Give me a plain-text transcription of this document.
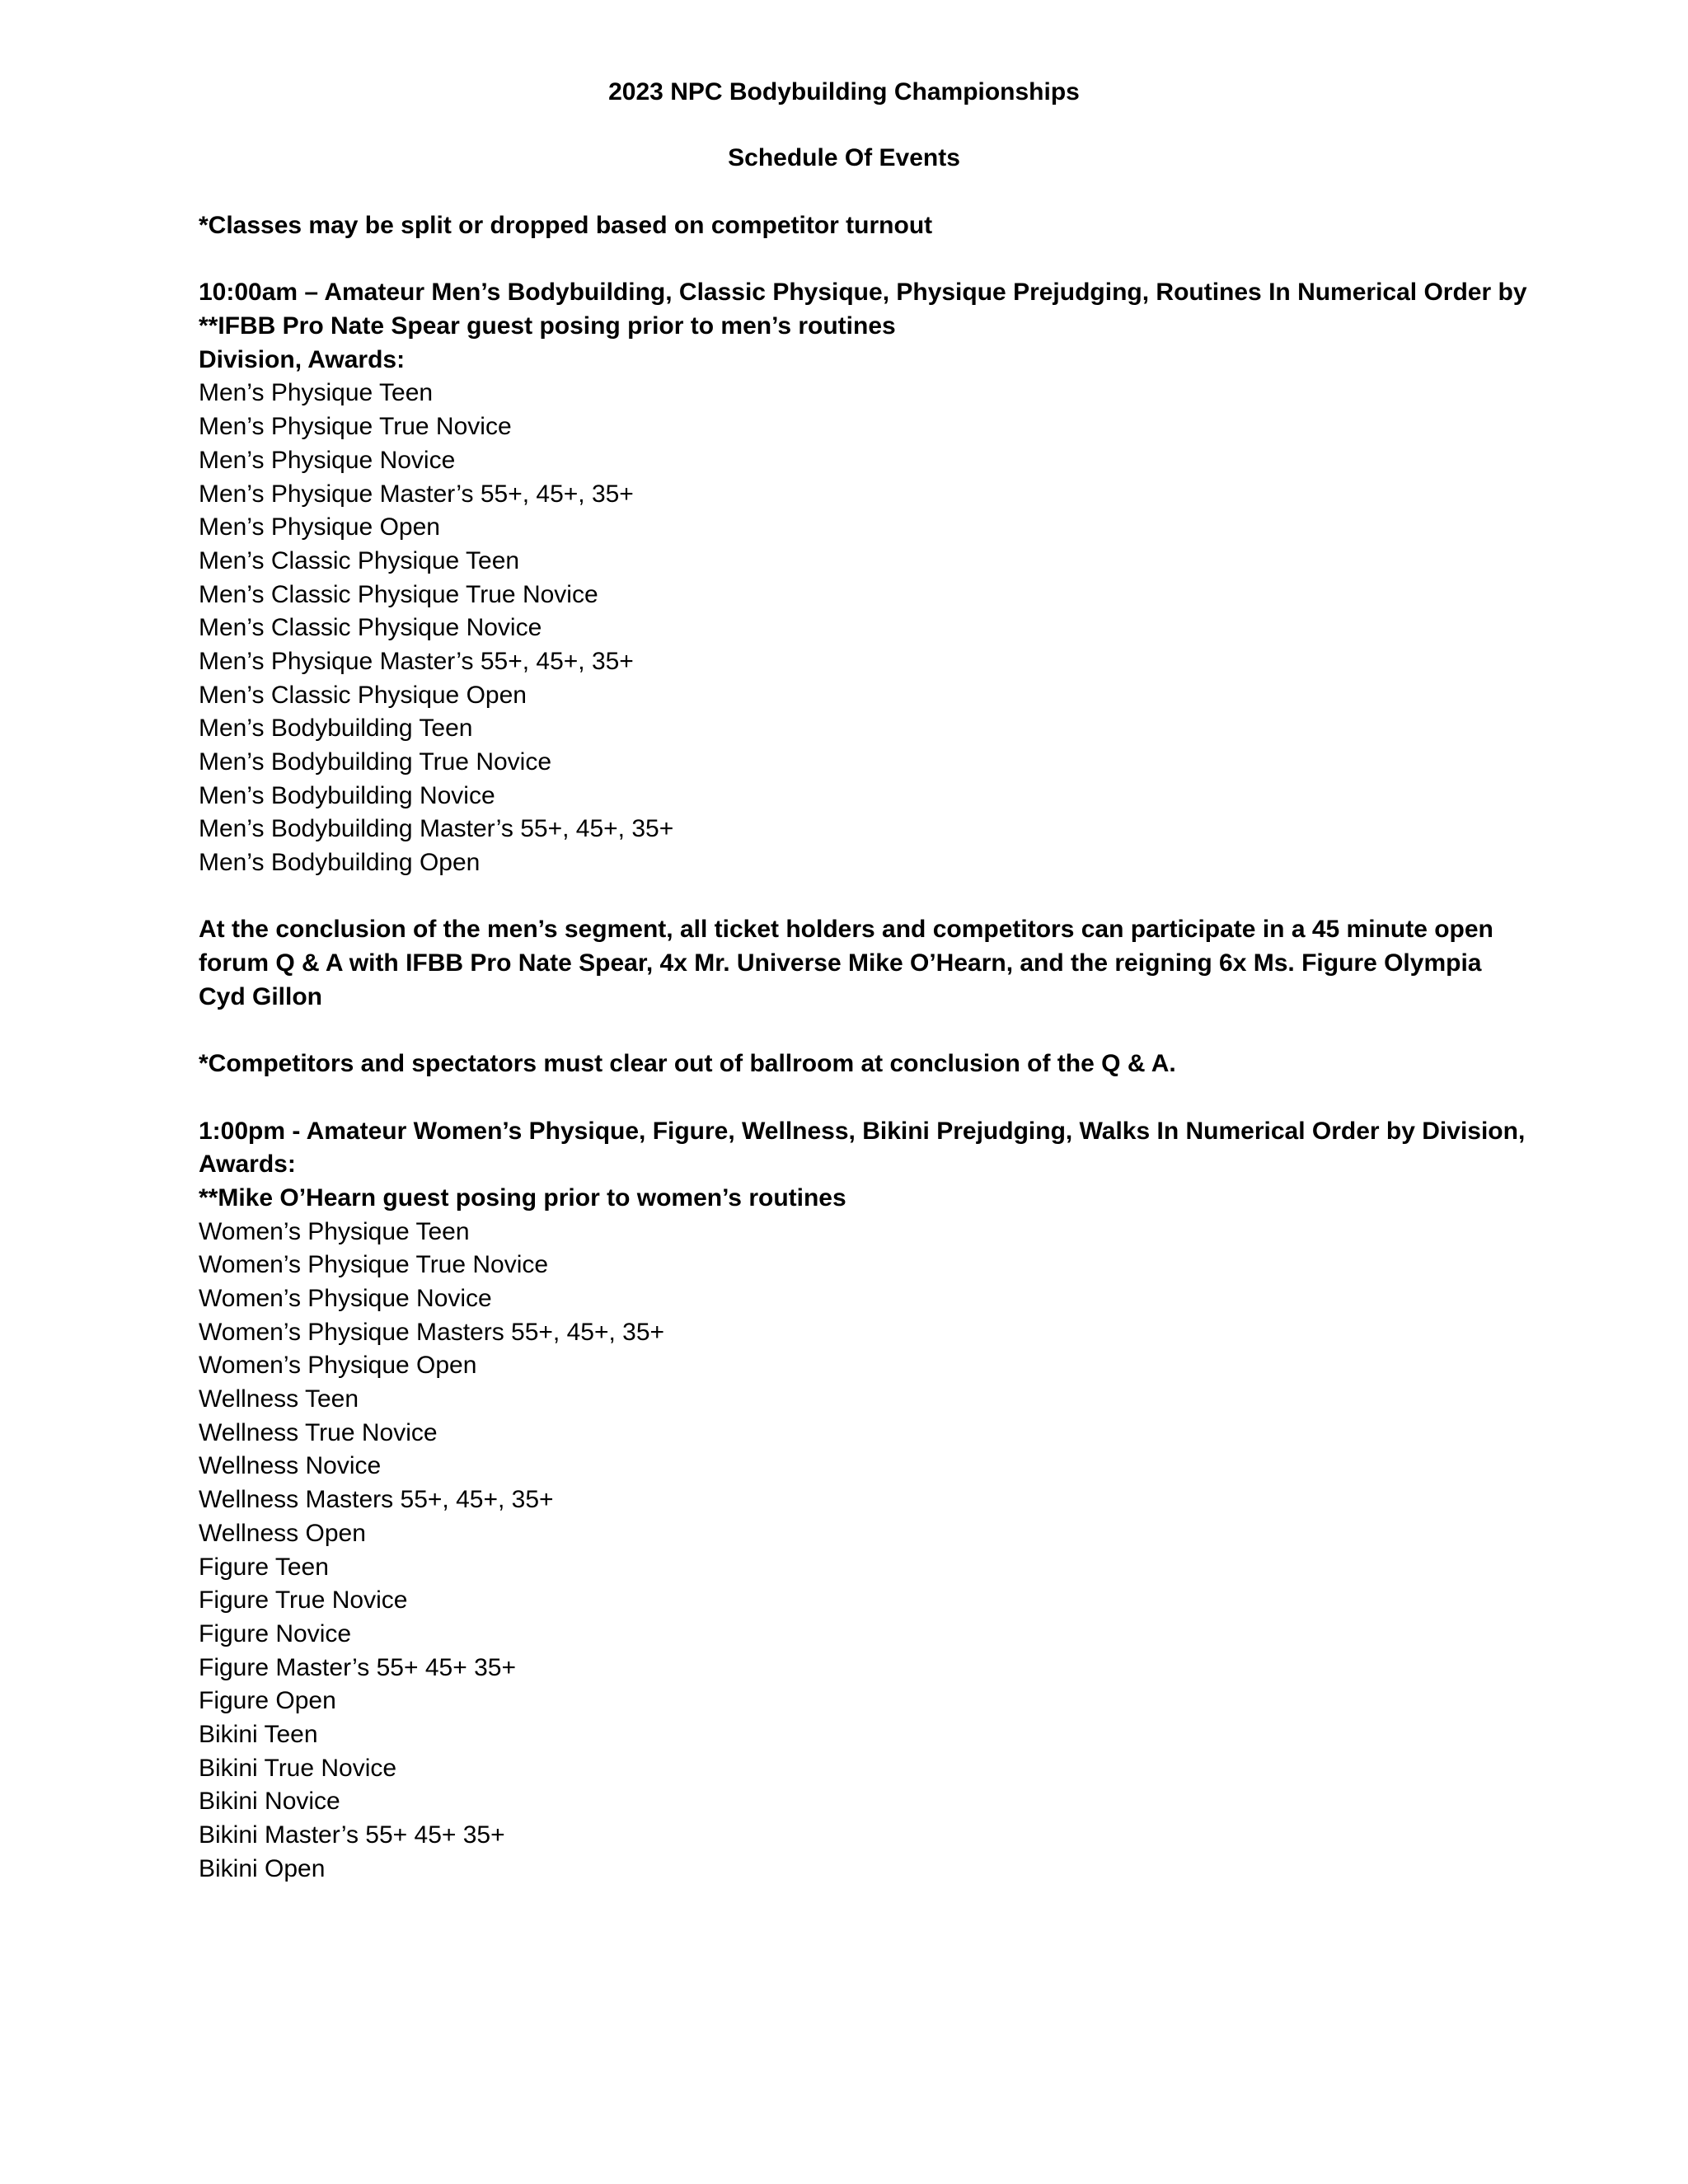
2023 NPC Bodybuilding Championships
Schedule Of Events
*Classes may be split or dropped based on competitor turnout
10:00am – Amateur Men’s Bodybuilding, Classic Physique, Physique Prejudging, Routines In Numerical Order by
**IFBB Pro Nate Spear guest posing prior to men’s routines
Division, Awards:
Men’s Physique Teen
Men’s Physique True Novice
Men’s Physique Novice
Men’s Physique Master’s 55+, 45+, 35+
Men’s Physique Open
Men’s Classic Physique Teen
Men’s Classic Physique True Novice
Men’s Classic Physique Novice
Men’s Physique Master’s 55+, 45+, 35+
Men’s Classic Physique Open
Men’s Bodybuilding Teen
Men’s Bodybuilding True Novice
Men’s Bodybuilding Novice
Men’s Bodybuilding Master’s 55+, 45+, 35+
Men’s Bodybuilding Open
At the conclusion of the men’s segment, all ticket holders and competitors can participate in a 45 minute open
forum Q & A with IFBB Pro Nate Spear, 4x Mr. Universe Mike O’Hearn, and the reigning 6x Ms. Figure Olympia
Cyd Gillon
*Competitors and spectators must clear out of ballroom at conclusion of the Q & A.
1:00pm - Amateur Women’s Physique, Figure, Wellness, Bikini Prejudging, Walks In Numerical Order by Division,
Awards:
**Mike O’Hearn guest posing prior to women’s routines
Women’s Physique Teen
Women’s Physique True Novice
Women’s Physique Novice
Women’s Physique Masters 55+, 45+, 35+
Women’s Physique Open
Wellness Teen
Wellness True Novice
Wellness Novice
Wellness Masters 55+, 45+, 35+
Wellness Open
Figure Teen
Figure True Novice
Figure Novice
Figure Master’s 55+ 45+ 35+
Figure Open
Bikini Teen
Bikini True Novice
Bikini Novice
Bikini Master’s 55+ 45+ 35+
Bikini Open
